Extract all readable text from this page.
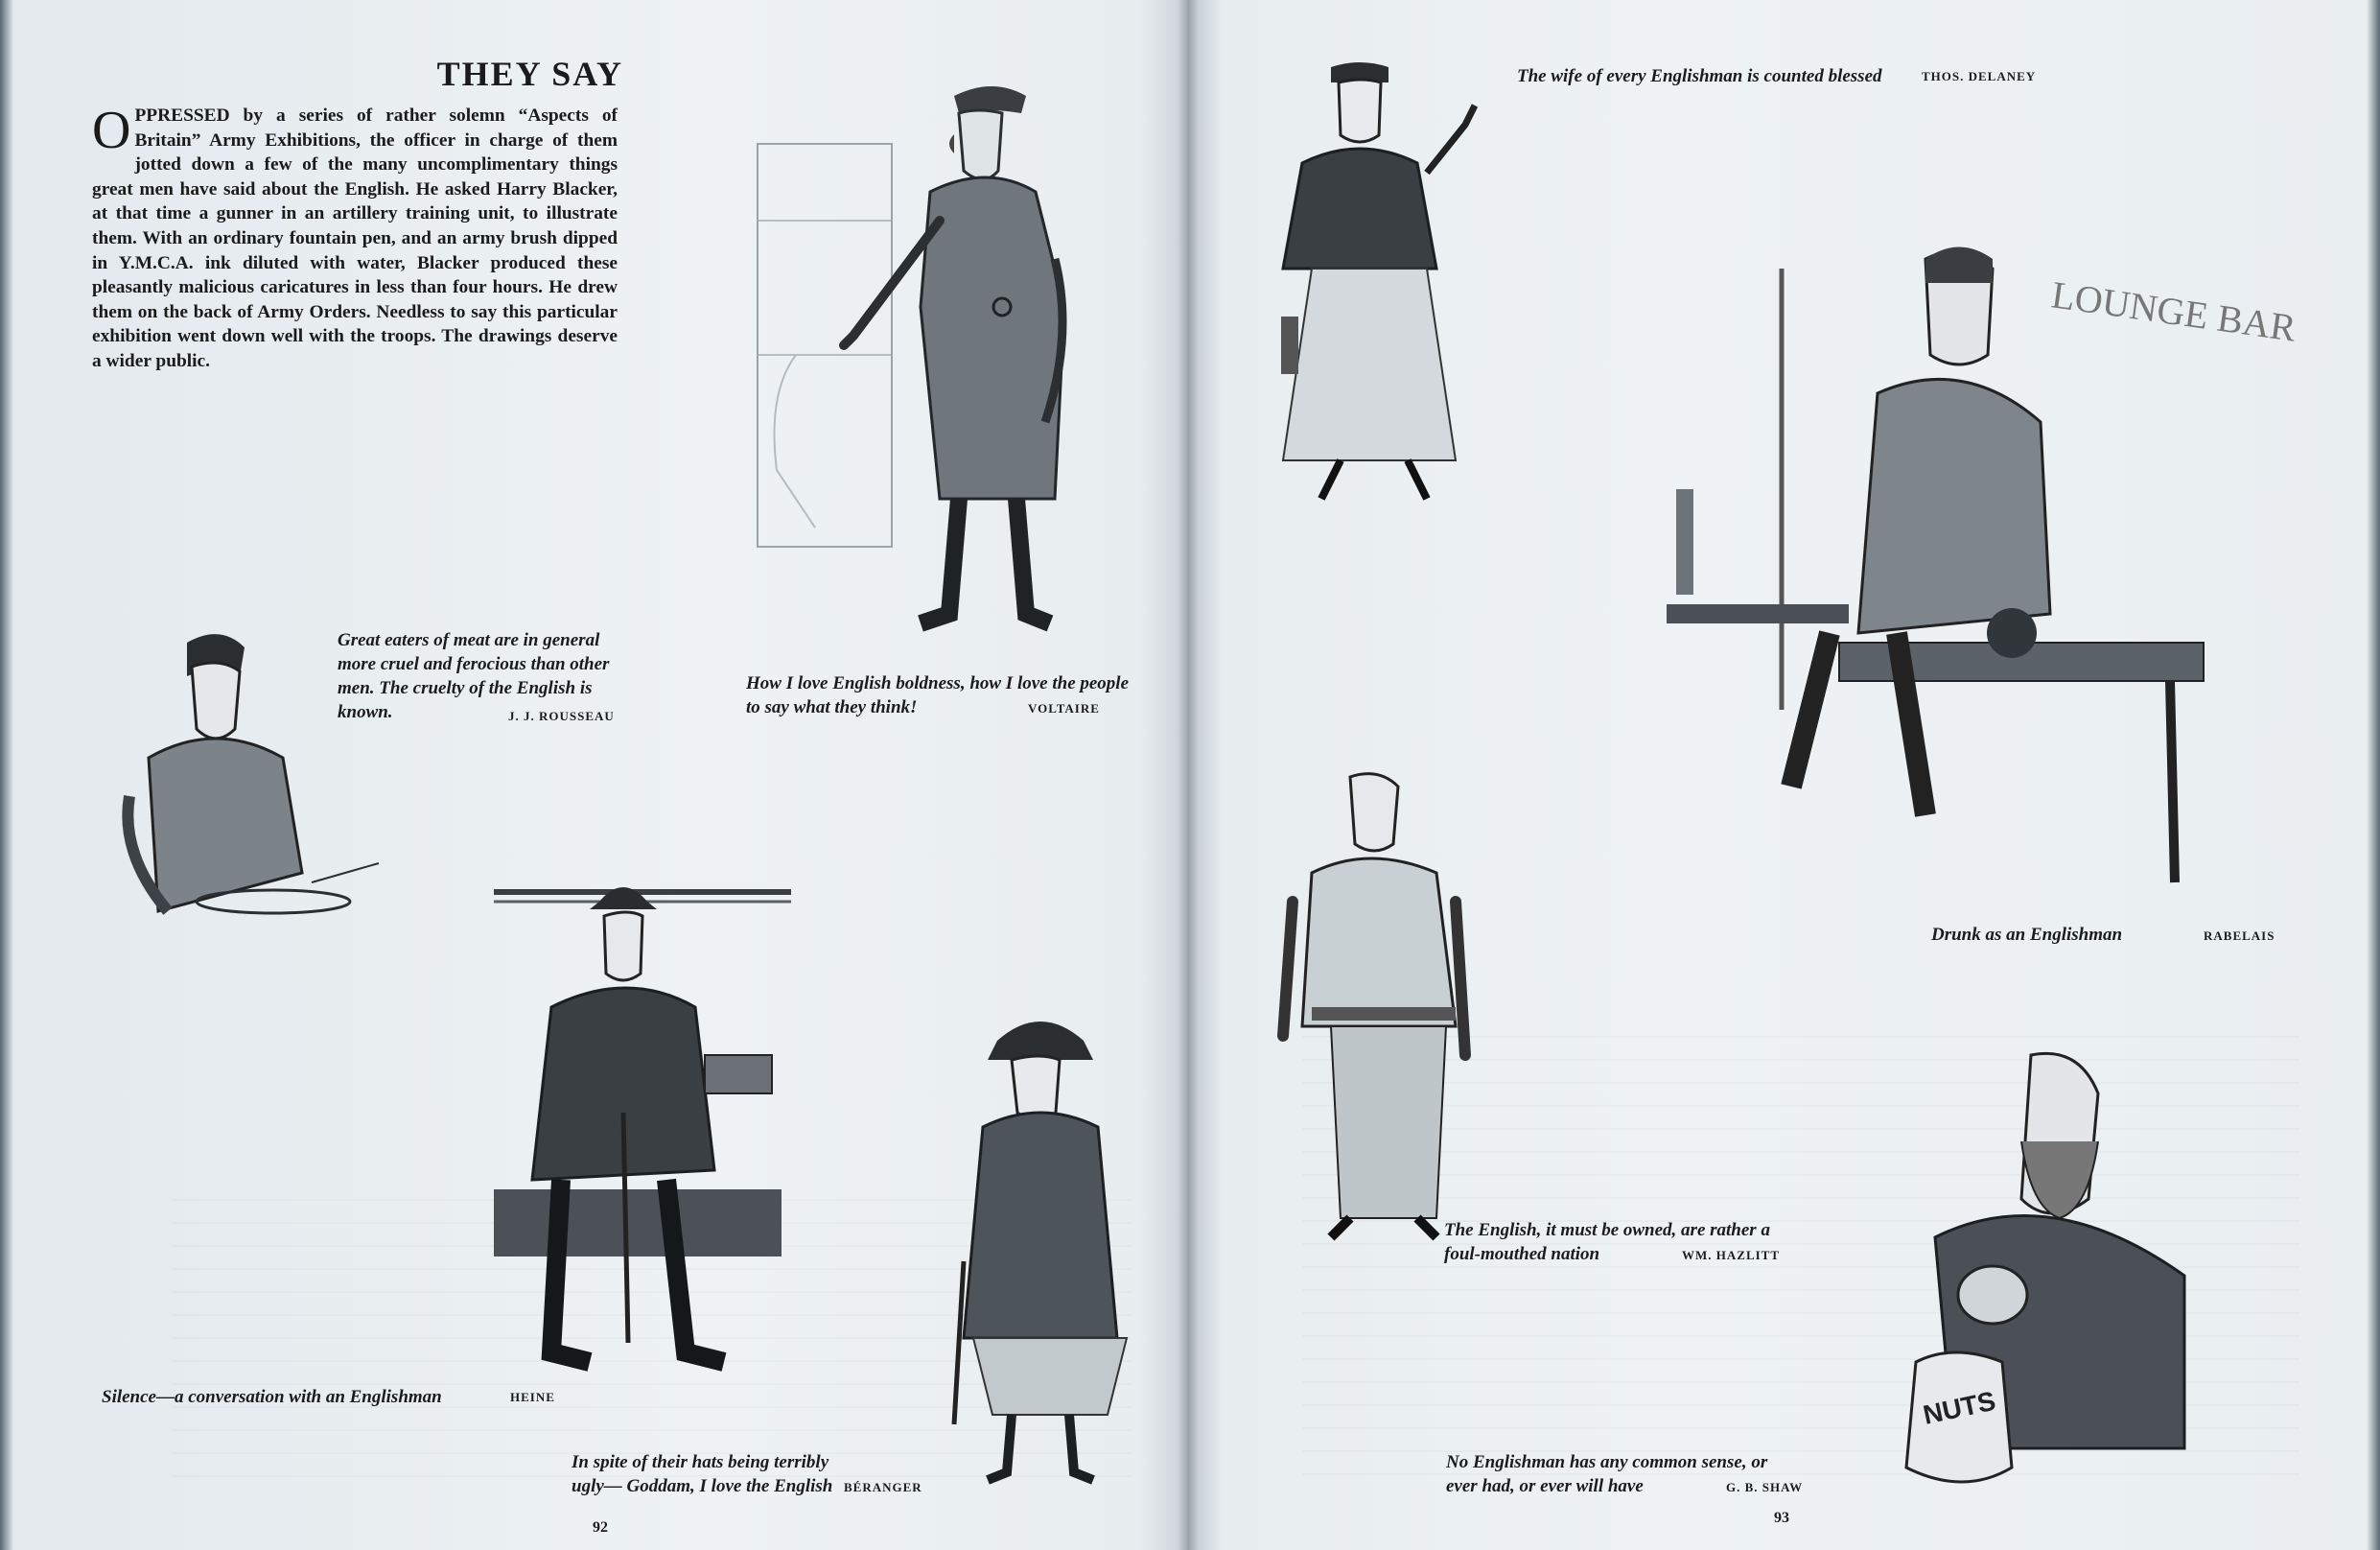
THEY SAY

OPPRESSED by a series of rather solemn “Aspects of Britain” Army Exhibitions, the officer in charge of them jotted down a few of the many uncomplimentary things great men have said about the English. He asked Harry Blacker, at that time a gunner in an artillery training unit, to illustrate them. With an ordinary fountain pen, and an army brush dipped in Y.M.C.A. ink diluted with water, Blacker produced these pleasantly malicious caricatures in less than four hours. He drew them on the back of Army Orders. Needless to say this particular exhibition went down well with the troops. The drawings deserve a wider public.

How I love English boldness, how I love the people to say what they think!	VOLTAIRE

Great eaters of meat are in general more cruel and ferocious than other men. The cruelty of the English is known.	J. J. ROUSSEAU

Silence—a conversation with an Englishman	HEINE

In spite of their hats being terribly ugly— Goddam, I love the English BÉRANGER
92

The wife of every Englishman is counted blessed	THOS. DELANEY
LOUNGE BAR

Drunk as an Englishman	RABELAIS

The English, it must be owned, are rather a foul-mouthed nation	WM. HAZLITT
NUTS

No Englishman has any common sense, or ever had, or ever will have	G. B. SHAW
93
